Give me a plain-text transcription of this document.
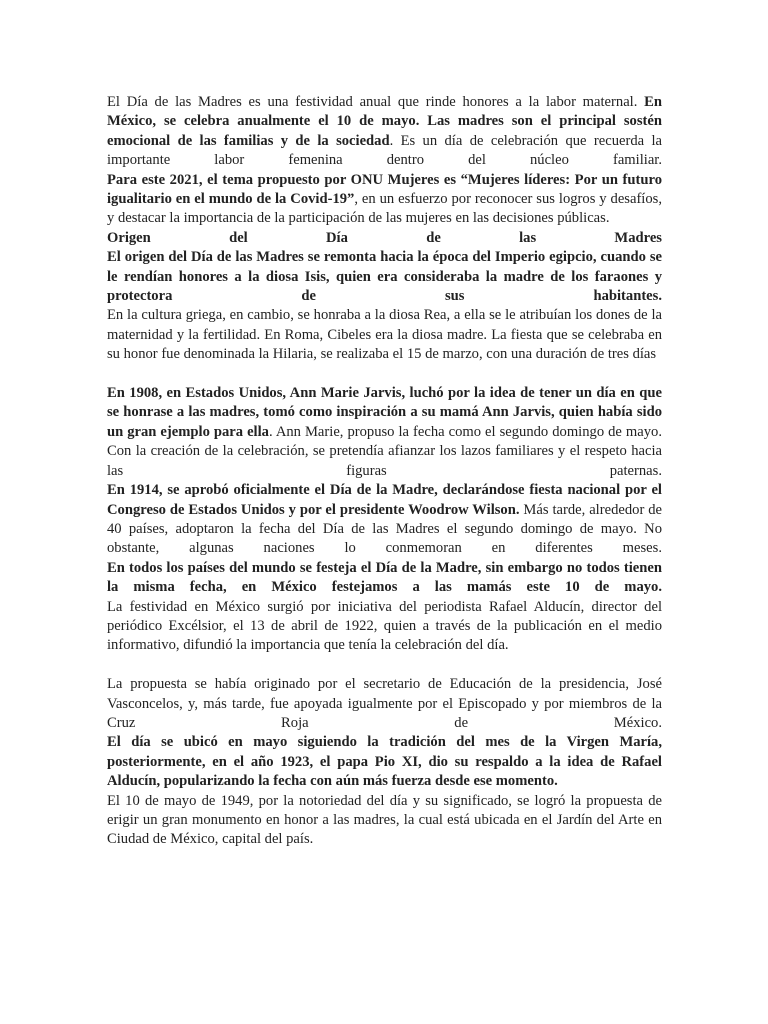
El Día de las Madres es una festividad anual que rinde honores a la labor maternal. En México, se celebra anualmente el 10 de mayo. Las madres son el principal sostén emocional de las familias y de la sociedad. Es un día de celebración que recuerda la importante labor femenina dentro del núcleo familiar.

Para este 2021, el tema propuesto por ONU Mujeres es “Mujeres líderes: Por un futuro igualitario en el mundo de la Covid-19”, en un esfuerzo por reconocer sus logros y desafíos, y destacar la importancia de la participación de las mujeres en las decisiones públicas.

Origen del Día de las Madres

El origen del Día de las Madres se remonta hacia la época del Imperio egipcio, cuando se le rendían honores a la diosa Isis, quien era consideraba la madre de los faraones y protectora de sus habitantes.

En la cultura griega, en cambio, se honraba a la diosa Rea, a ella se le atribuían los dones de la maternidad y la fertilidad. En Roma, Cibeles era la diosa madre. La fiesta que se celebraba en su honor fue denominada la Hilaria, se realizaba el 15 de marzo, con una duración de tres días

En 1908, en Estados Unidos, Ann Marie Jarvis, luchó por la idea de tener un día en que se honrase a las madres, tomó como inspiración a su mamá Ann Jarvis, quien había sido un gran ejemplo para ella. Ann Marie, propuso la fecha como el segundo domingo de mayo. Con la creación de la celebración, se pretendía afianzar los lazos familiares y el respeto hacia las figuras paternas.

En 1914, se aprobó oficialmente el Día de la Madre, declarándose fiesta nacional por el Congreso de Estados Unidos y por el presidente Woodrow Wilson. Más tarde, alrededor de 40 países, adoptaron la fecha del Día de las Madres el segundo domingo de mayo. No obstante, algunas naciones lo conmemoran en diferentes meses.

En todos los países del mundo se festeja el Día de la Madre, sin embargo no todos tienen la misma fecha, en México festejamos a las mamás este 10 de mayo.

La festividad en México surgió por iniciativa del periodista Rafael Alducín, director del periódico Excélsior, el 13 de abril de 1922, quien a través de la publicación en el medio informativo, difundió la importancia que tenía la celebración del día.

La propuesta se había originado por el secretario de Educación de la presidencia, José Vasconcelos, y, más tarde, fue apoyada igualmente por el Episcopado y por miembros de la Cruz Roja de México.

El día se ubicó en mayo siguiendo la tradición del mes de la Virgen María, posteriormente, en el año 1923, el papa Pio XI, dio su respaldo a la idea de Rafael Alducín, popularizando la fecha con aún más fuerza desde ese momento.

El 10 de mayo de 1949, por la notoriedad del día y su significado, se logró la propuesta de erigir un gran monumento en honor a las madres, la cual está ubicada en el Jardín del Arte en Ciudad de México, capital del país.
